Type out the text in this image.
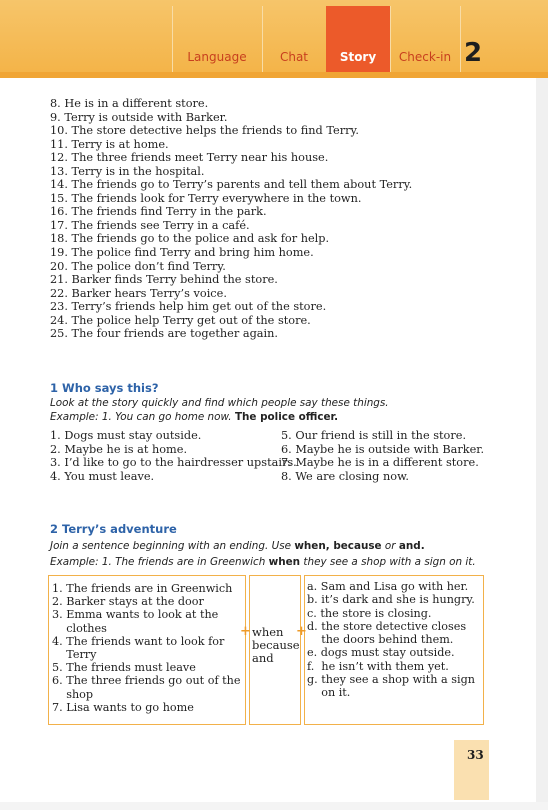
Language	Chat	Story	Check-in 2
8. He is in a different store.
9. Terry is outside with Barker.
10. The store detective helps the friends to find Terry.
11. Terry is at home.
12. The three friends meet Terry near his house.
13. Terry is in the hospital.
14. The friends go to Terry’s parents and tell them about Terry.
15. The friends look for Terry everywhere in the town.
16. The friends find Terry in the park.
17. The friends see Terry in a café.
18. The friends go to the police and ask for help.
19. The police find Terry and bring him home.
20. The police don’t find Terry.
21. Barker finds Terry behind the store.
22. Barker hears Terry’s voice.
23. Terry’s friends help him get out of the store.
24. The police help Terry get out of the store.
25. The four friends are together again.
1 Who says this?
Look at the story quickly and find which people say these things.
Example: 1. You can go home now. The police officer.
1. Dogs must stay outside.
2. Maybe he is at home.
3. I’d like to go to the hairdresser upstairs.
4. You must leave.
5. Our friend is still in the store.
6. Maybe he is outside with Barker.
7. Maybe he is in a different store.
8. We are closing now.
2 Terry’s adventure
Join a sentence beginning with an ending. Use when, because or and.
Example: 1. The friends are in Greenwich when they see a shop with a sign on it.
1. The friends are in Greenwich
2. Barker stays at the door
3. Emma wants to look at the
clothes
4. The friends want to look for
Terry
5. The friends must leave
6. The three friends go out of the
shop
7. Lisa wants to go home
+	+
when
because
and
a. Sam and Lisa go with her.
b. it’s dark and she is hungry.
c. the store is closing.
d. the store detective closes
the doors behind them.
e. dogs must stay outside.
f.  he isn’t with them yet.
g. they see a shop with a sign
on it.
33
